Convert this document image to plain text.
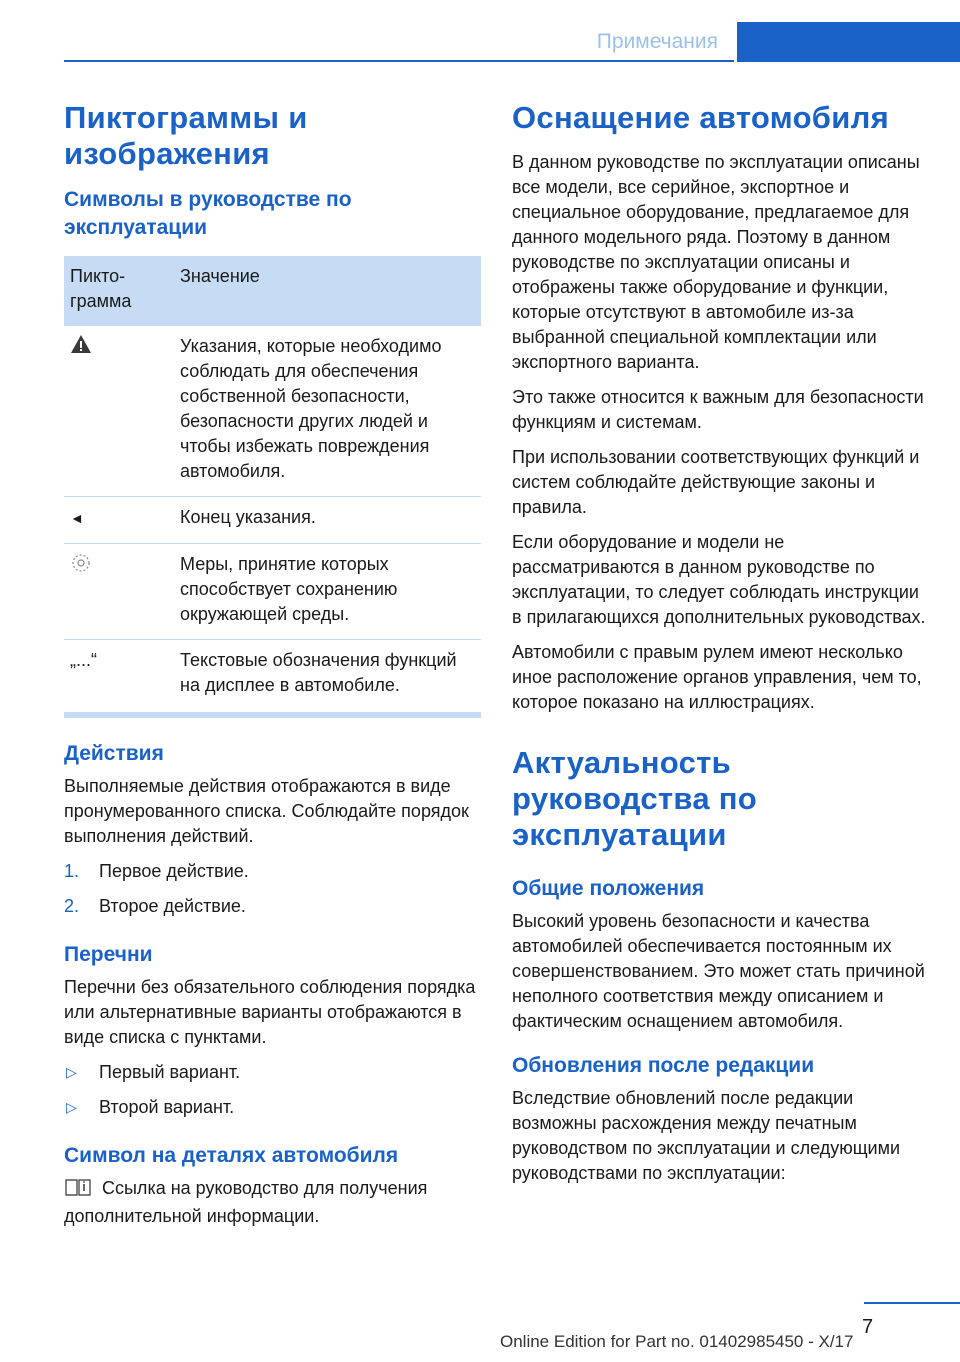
Примечания
Пиктограммы и изображения
Символы в руководстве по эксплуатации
Пикто-грамма	Значение
	Указания, которые необходимо соблюдать для обеспечения собственной безопасности, безопасности других людей и чтобы избежать повреждения автомобиля.
◄	Конец указания.
	Меры, принятие которых способствует сохранению окружающей среды.
„...“	Текстовые обозначения функций на дисплее в автомобиле.
Действия

Выполняемые действия отображаются в виде пронумерованного списка. Соблюдайте порядок выполнения действий.

1. Первое действие.
2. Второе действие.
Перечни

Перечни без обязательного соблюдения порядка или альтернативные варианты отображаются в виде списка с пунктами.

▷ Первый вариант.
▷ Второй вариант.
Символ на деталях автомобиля

Ссылка на руководство для получения дополнительной информации.

Оснащение автомобиля

В данном руководстве по эксплуатации описаны все модели, все серийное, экспортное и специальное оборудование, предлагаемое для данного модельного ряда. Поэтому в данном руководстве по эксплуатации описаны и отображены также оборудование и функции, которые отсутствуют в автомобиле из-за выбранной специальной комплектации или экспортного варианта.

Это также относится к важным для безопасности функциям и системам.

При использовании соответствующих функций и систем соблюдайте действующие законы и правила.

Если оборудование и модели не рассматриваются в данном руководстве по эксплуатации, то следует соблюдать инструкции в прилагающихся дополнительных руководствах.

Автомобили с правым рулем имеют несколько иное расположение органов управления, чем то, которое показано на иллюстрациях.

Актуальность руководства по эксплуатации
Общие положения

Высокий уровень безопасности и качества автомобилей обеспечивается постоянным их совершенствованием. Это может стать причиной неполного соответствия между описанием и фактическим оснащением автомобиля.

Обновления после редакции

Вследствие обновлений после редакции возможны расхождения между печатным руководством по эксплуатации и следующими руководствами по эксплуатации:

7
Online Edition for Part no. 01402985450 - X/17
